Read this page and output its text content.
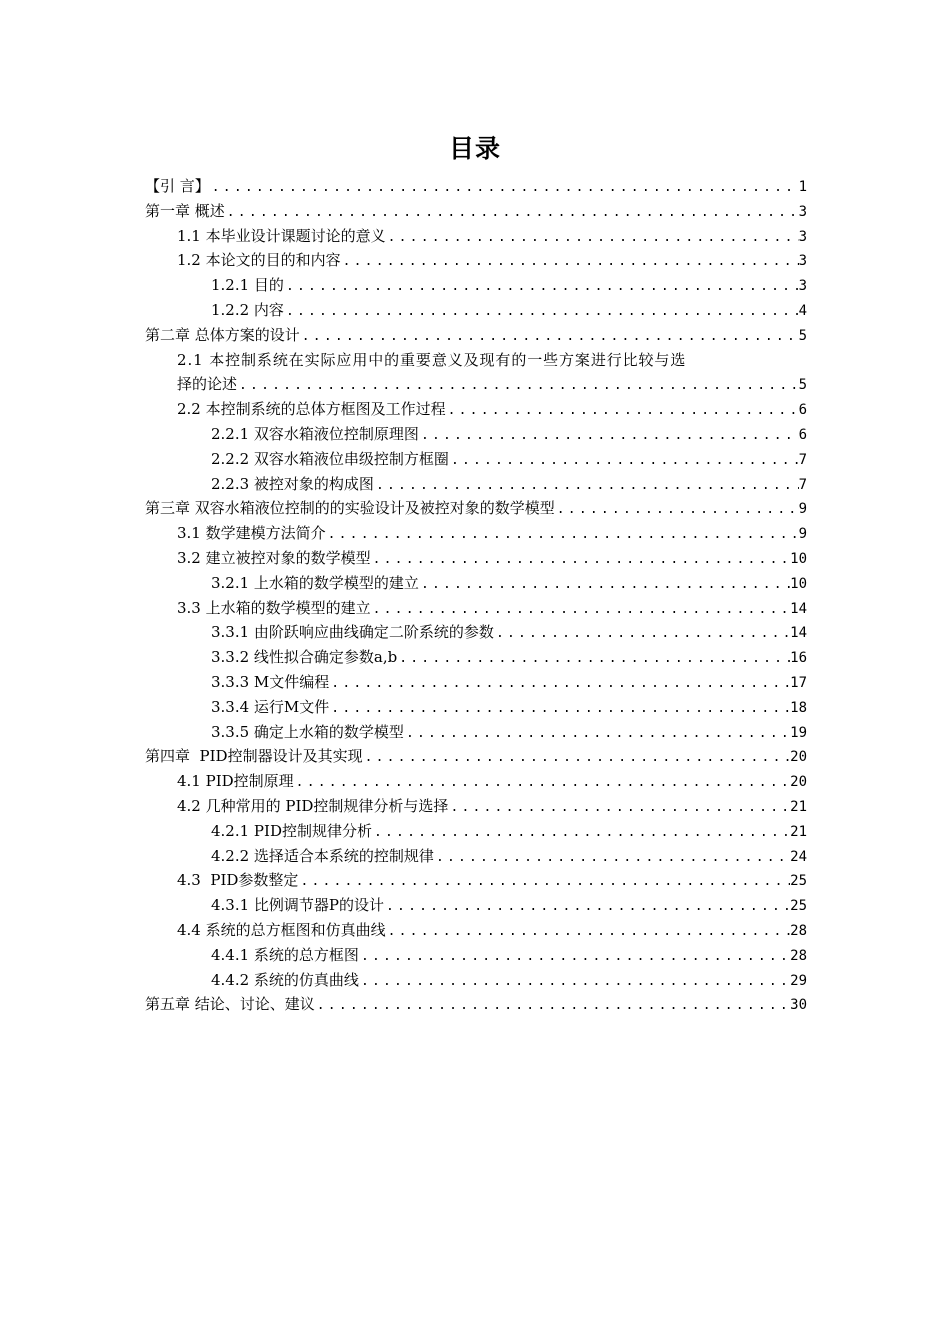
目录
【引 言】 .....	1
第一章 概述 .....	3
1.1 本毕业设计课题讨论的意义 .....	3
1.2 本论文的目的和内容 .....	3
1.2.1 目的 .....	3
1.2.2 内容 .....	4
第二章 总体方案的设计 .....	5
2.1 本控制系统在实际应用中的重要意义及现有的一些方案进行比较与选
择的论述 .....	5
2.2 本控制系统的总体方框图及工作过程 .....	6
2.2.1 双容水箱液位控制原理图 .....	6
2.2.2 双容水箱液位串级控制方框圈 .....	7
2.2.3 被控对象的构成图 .....	7
第三章 双容水箱液位控制的的实验设计及被控对象的数学模型 .....	9
3.1 数学建模方法简介 .....	9
3.2 建立被控对象的数学模型 .....	10
3.2.1 上水箱的数学模型的建立 .....	10
3.3 上水箱的数学模型的建立 .....	14
3.3.1 由阶跃响应曲线确定二阶系统的参数 .....	14
3.3.2 线性拟合确定参数a,b .....	16
3.3.3 M文件编程 .....	17
3.3.4 运行M文件 .....	18
3.3.5 确定上水箱的数学模型 .....	19
第四章  PID控制器设计及其实现 .....	20
4.1 PID控制原理 .....	20
4.2 几种常用的 PID控制规律分析与选择 .....	21
4.2.1 PID控制规律分析 .....	21
4.2.2 选择适合本系统的控制规律 .....	24
4.3  PID参数整定 .....	25
4.3.1 比例调节器P的设计 .....	25
4.4 系统的总方框图和仿真曲线 .....	28
4.4.1 系统的总方框图 .....	28
4.4.2 系统的仿真曲线 .....	29
第五章 结论、讨论、建议 .....	30
